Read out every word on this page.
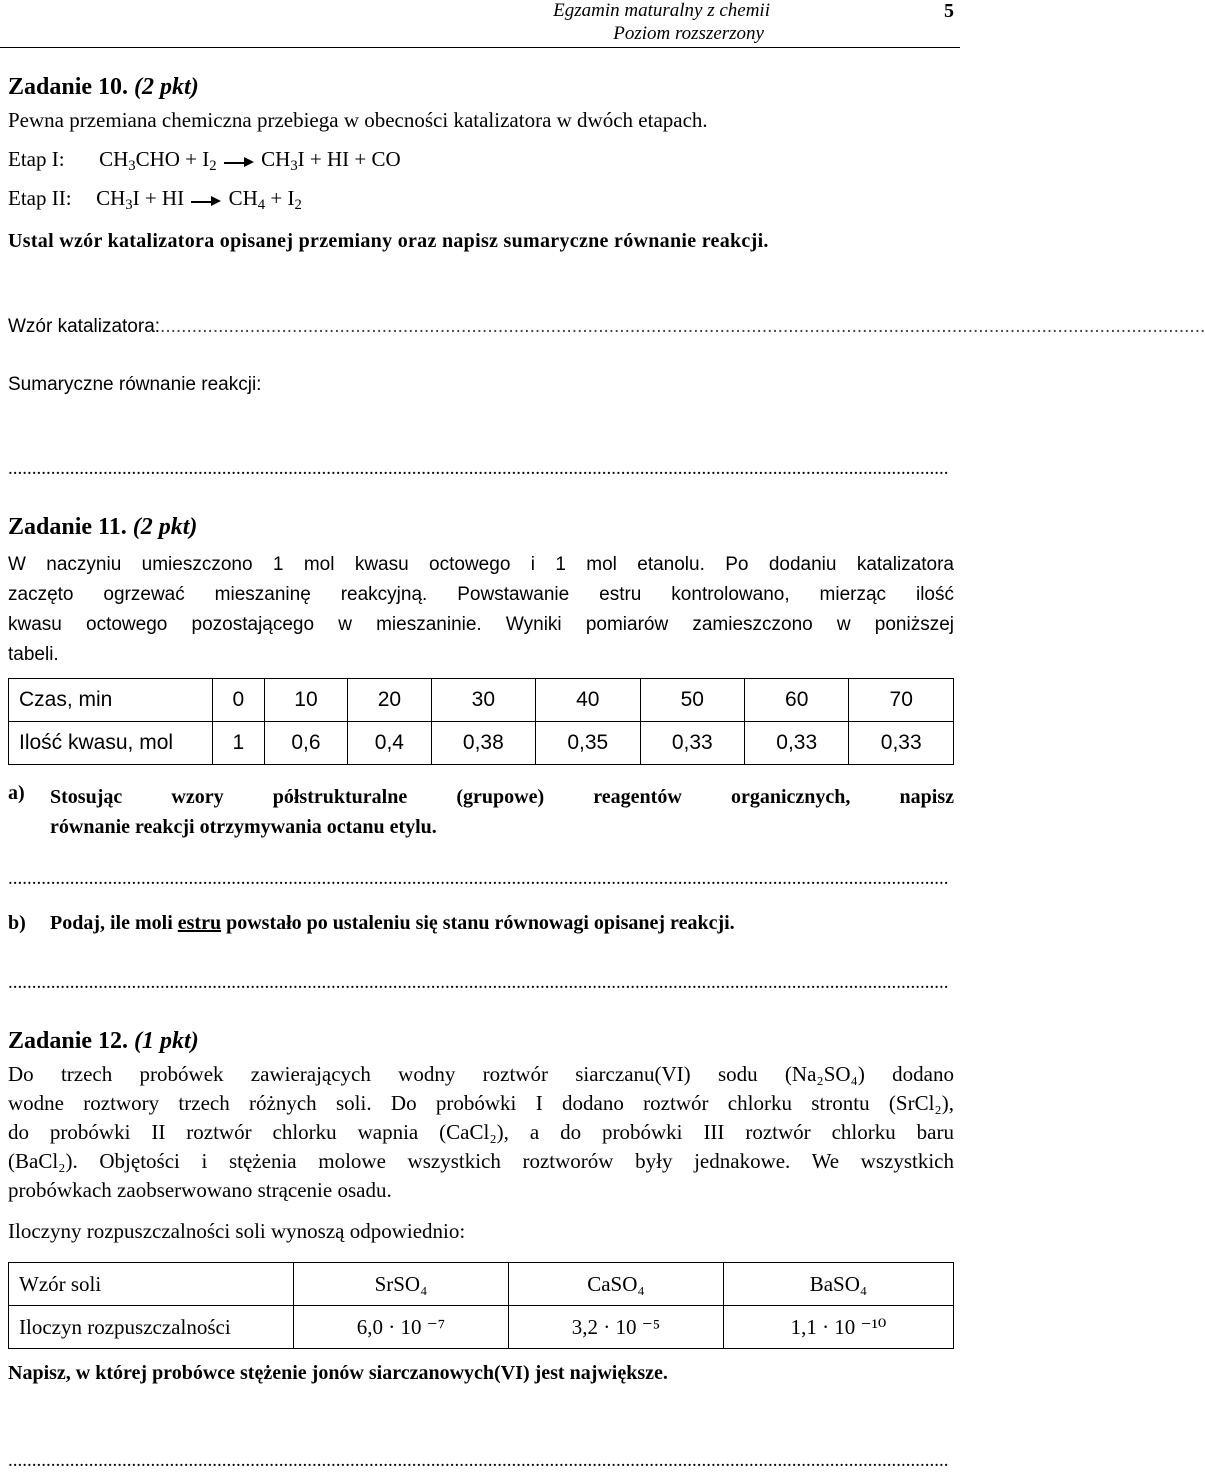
Egzamin maturalny z chemii
Poziom rozszerzony
5
Zadanie 10. (2 pkt)
Pewna przemiana chemiczna przebiega w obecności katalizatora w dwóch etapach.
Etap I: $CH_3CHO + I_2$ $CH_3I$ + HI + CO
Etap II: $CH_3I$ + HI $CH_4 + I_2$
Ustal wzór katalizatora opisanej przemiany oraz napisz sumaryczne równanie reakcji.
Wzór katalizatora:......................................................................................................................................................................................................
Sumaryczne równanie reakcji:
......................................................................................................................................................................................................
Zadanie 11. (2 pkt)
W naczyniu umieszczono 1 mol kwasu octowego i 1 mol etanolu. Po dodaniu katalizatora
zaczęto ogrzewać mieszaninę reakcyjną. Powstawanie estru kontrolowano, mierząc ilość
kwasu octowego pozostającego w mieszaninie. Wyniki pomiarów zamieszczono w poniższej
tabeli.
Czas, min	0	10	20	30	40	50	60	70
Ilość kwasu, mol	1	0,6	0,4	0,38	0,35	0,33	0,33	0,33
a) Stosując wzory półstrukturalne (grupowe) reagentów organicznych, napisz
równanie reakcji otrzymywania octanu etylu.
......................................................................................................................................................................................................
b) Podaj, ile moli estru powstało po ustaleniu się stanu równowagi opisanej reakcji.
......................................................................................................................................................................................................
Zadanie 12. (1 pkt)
Do trzech probówek zawierających wodny roztwór siarczanu(VI) sodu (Na₂SO₄) dodano
wodne roztwory trzech różnych soli. Do probówki I dodano roztwór chlorku strontu (SrCl₂),
do probówki II roztwór chlorku wapnia (CaCl₂), a do probówki III roztwór chlorku baru
(BaCl₂). Objętości i stężenia molowe wszystkich roztworów były jednakowe. We wszystkich
probówkach zaobserwowano strącenie osadu.
Iloczyny rozpuszczalności soli wynoszą odpowiednio:
Wzór soli	SrSO₄	CaSO₄	BaSO₄
Iloczyn rozpuszczalności	6,0 · 10 ⁻⁷	3,2 · 10 ⁻⁵	1,1 · 10 ⁻¹⁰
Napisz, w której probówce stężenie jonów siarczanowych(VI) jest największe.
......................................................................................................................................................................................................
